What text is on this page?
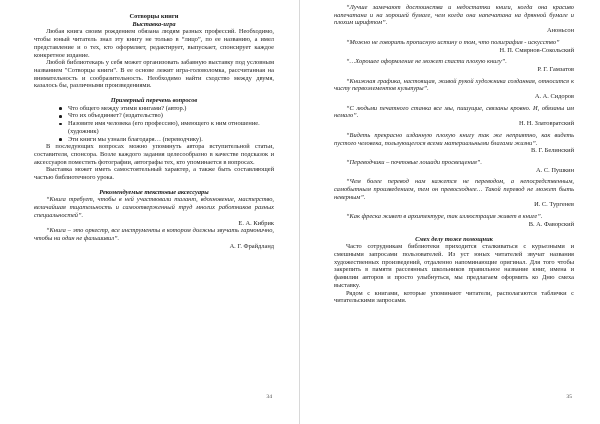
Сотворцы книги

Выставка-игра

Любая книга своим рождением обязана людям разных профессий. Необходимо, чтобы юный читатель знал эту книгу не только в “лицо”, по ее названию, а имел представление и о тех, кто оформляет, редактирует, выпускает, спонсирует каждое конкретное издание.

Любой библиотекарь у себя может организовать забавную выставку под условным названием "Сотворцы книги". В ее основе лежит игра-головоломка, рассчитанная на внимательность и сообразительность. Необходимо найти сходство между двумя, казалось бы, различными произведениями.

Примерный перечень вопросов

Что общего между этими книгами? (автор.)
Что их объединяет? (издательство)
Назовите имя человека (его профессию), имеющего к ним отношение. (художник)
Эти книги мы узнали благодаря… (переводчику).

В последующих вопросах можно упомянуть автора вступительной статьи, составителя, спонсора. Возле каждого задания целесообразно в качестве подсказок и аксессуаров поместить фотографии, автографы тех, кто упоминается в вопросах.

Выставка может иметь самостоятельный характер, а также быть составляющей частью библиотечного урока.

Рекомендуемые текстовые аксессуары

“Книга требует, чтобы в ней участвовали талант, вдохновение, мастерство, величайшая тщательность и самоотверженный труд многих работников разных специальностей”.

Е. А. Кибрик

“Книга – это оркестр, все инструменты в котором должны звучать гармонично, чтобы ни один не фальшивил”.

А. Г. Фрайдланд

34

“Лучше замечают достоинства и недостатки книги, когда она красиво напечатана и на хорошей бумаге, чем когда она напечатана на дрянной бумаге и плохим шрифтом”.

Аноньсон

“Можно не говорить прописную истину о том, что полиграфия - искусство”

Н. П. Смирнов-Сокольский

“…Хорошее оформление не может спасти плохую книгу”.

Р. Г. Гамзатов

“Книжная графика, настоящая, живой рукой художника созданная, относится к чисту первоэлементов культуры”.

А. А. Сидоров

“С людьми печатного станка все мы, пишущие, связаны кровно. И, обязаны им немало”.

Н. Н. Златовратский

“Видеть прекрасно изданную плохую книгу так же неприятно, как видеть пустого человека, пользующегося всеми материальными благами жизни”.

В. Г. Белинский

“Переводчики – почтовые лошади просвещения”.

А. С. Пушкин

“Чем более перевод нам кажется не переводом, а непосредственным, самобытным произведением, тем он превосходнее… Такой перевод не может быть неверным”.

И. С. Тургенев

“Как фреска живет в архитектуре, так иллюстрация живет в книге”.

В. А. Фаворский

Смех делу тоже помощник

Часто сотрудникам библиотеки приходится сталкиваться с курьезными и смешными запросами пользователей. Из уст юных читателей звучат названия художественных произведений, отдаленно напоминающие оригинал. Для того чтобы закрепить в памяти рассеянных школьников правильное название книг, имена и фамилии авторов и просто улыбнуться, мы предлагаем оформить ко Дню смеха выставку.

Рядом с книгами, которые упоминают читатели, располагаются таблички с читательскими запросами.

35
